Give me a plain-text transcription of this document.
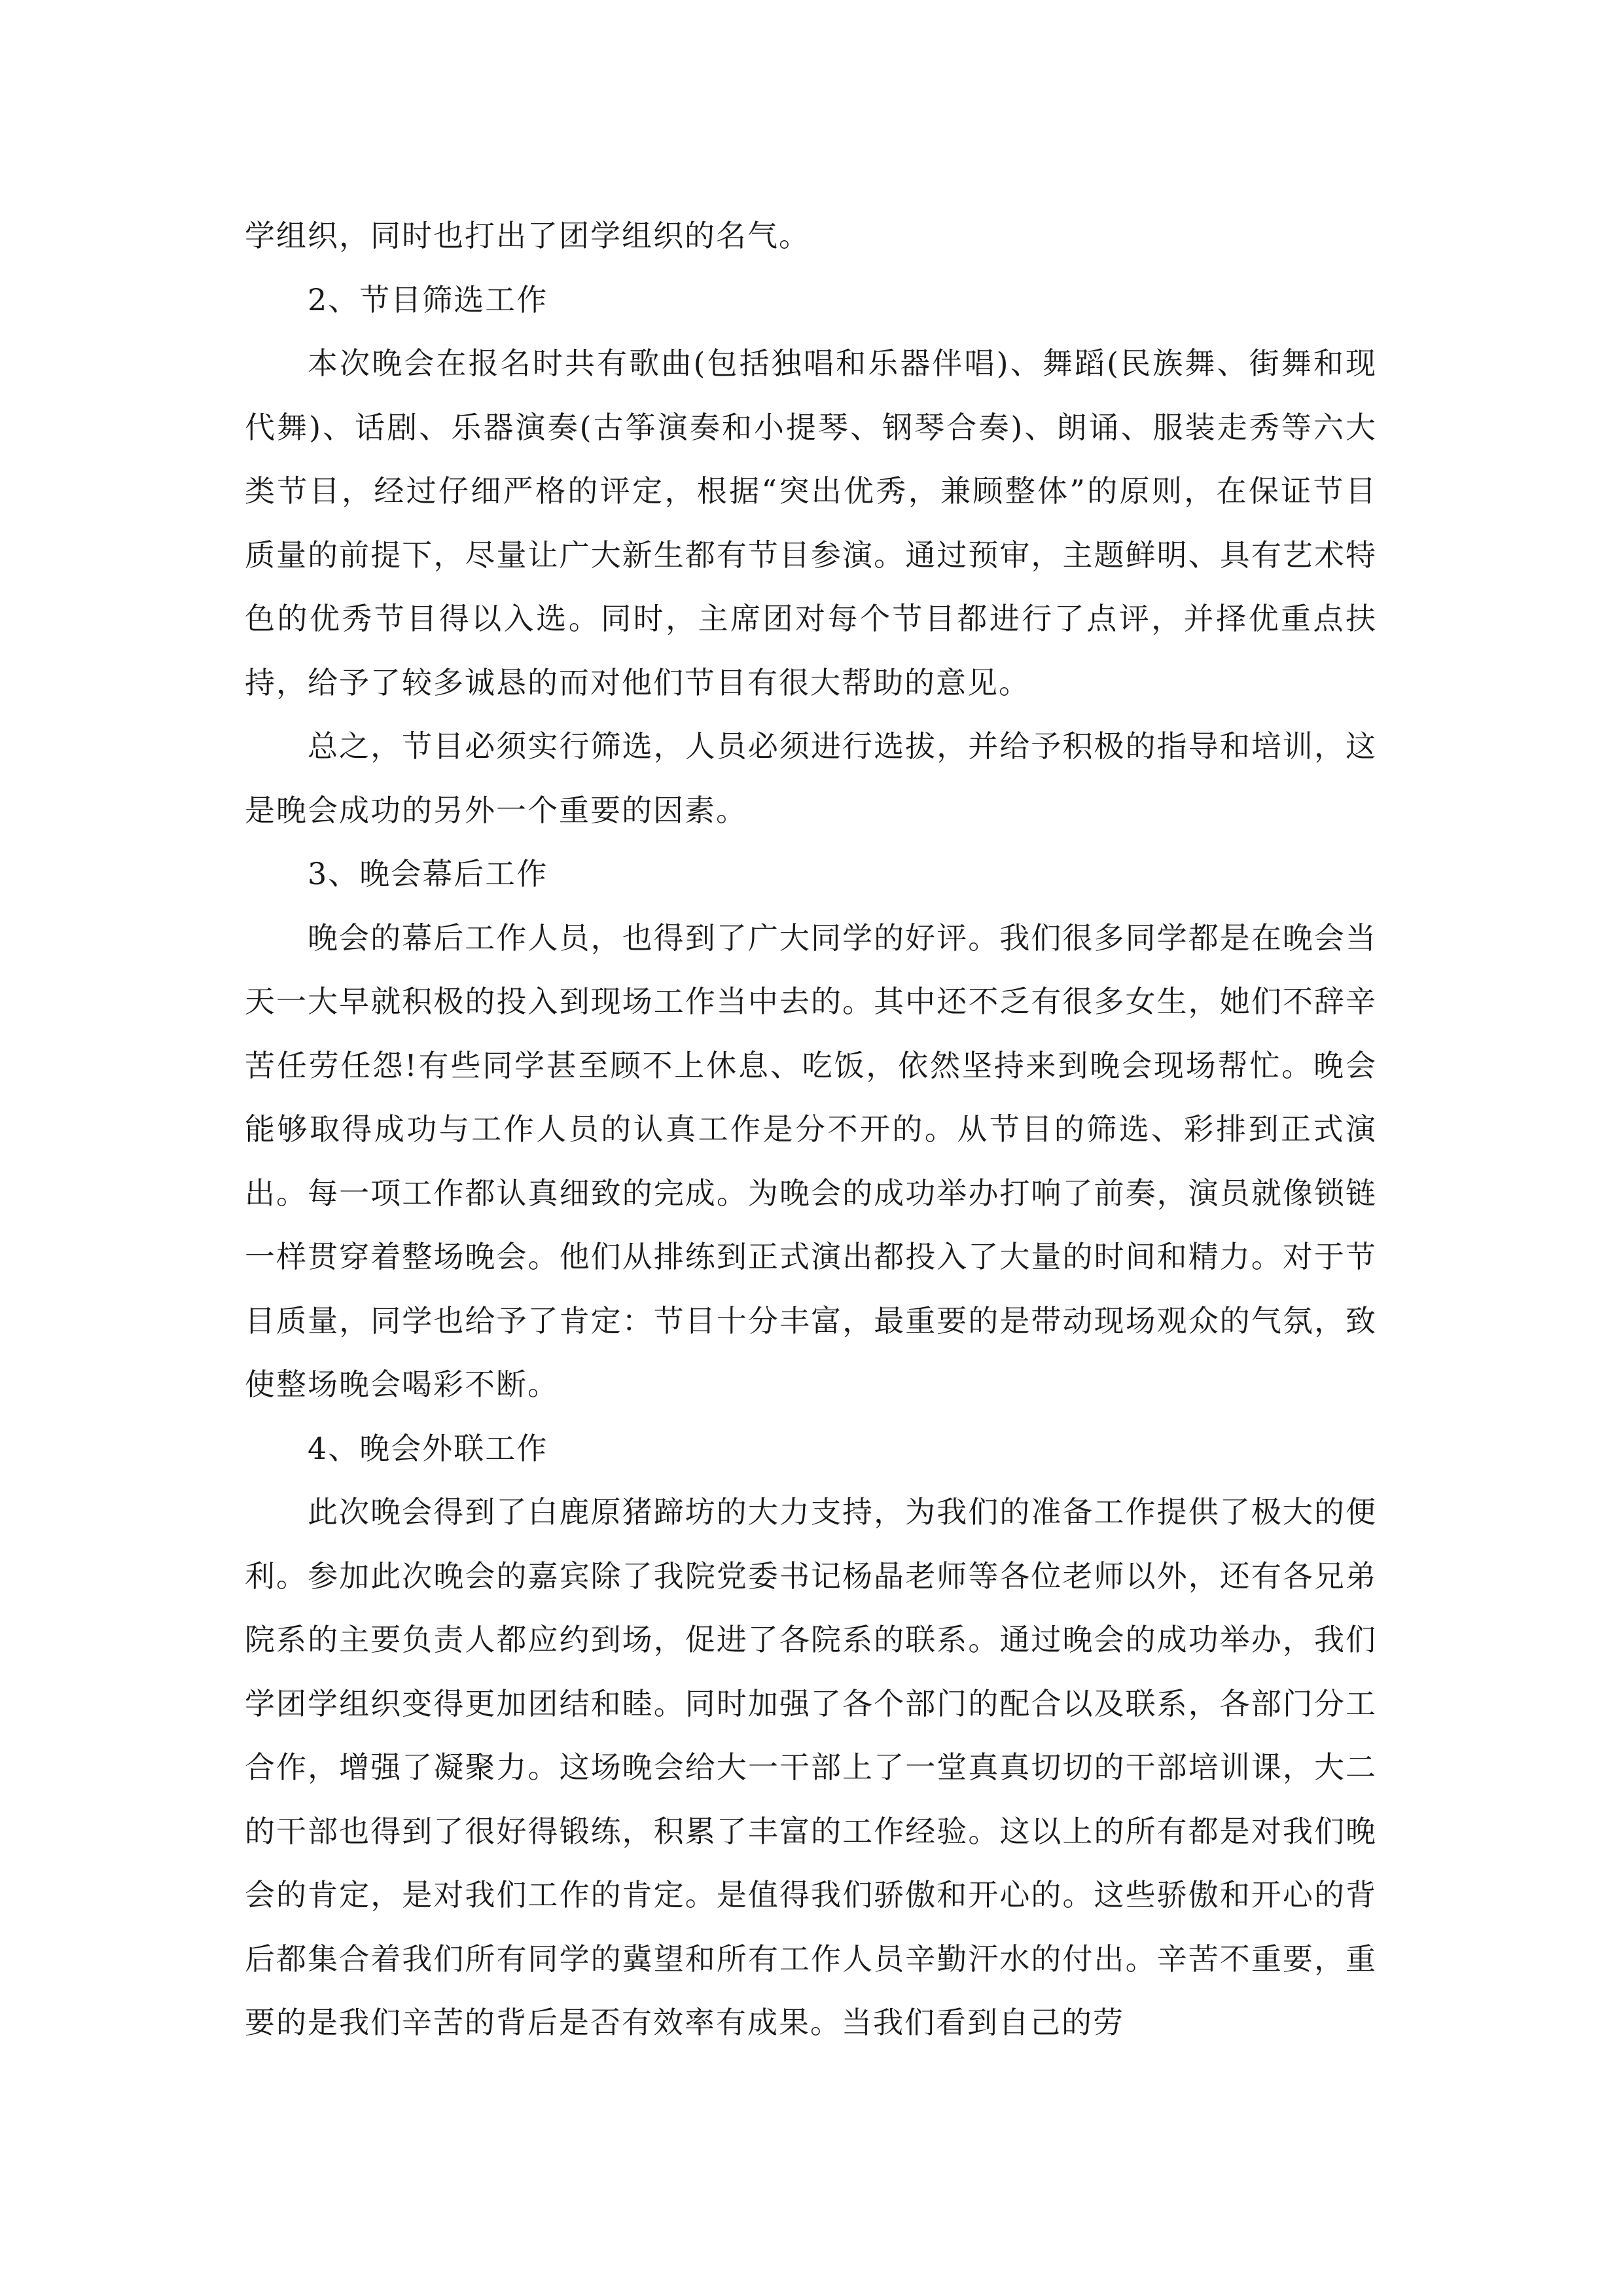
学组织，同时也打出了团学组织的名气。

2、节目筛选工作

本次晚会在报名时共有歌曲(包括独唱和乐器伴唱)、舞蹈(民族舞、街舞和现代舞)、话剧、乐器演奏(古筝演奏和小提琴、钢琴合奏)、朗诵、服装走秀等六大类节目，经过仔细严格的评定，根据“突出优秀，兼顾整体”的原则，在保证节目质量的前提下，尽量让广大新生都有节目参演。通过预审，主题鲜明、具有艺术特色的优秀节目得以入选。同时，主席团对每个节目都进行了点评，并择优重点扶持，给予了较多诚恳的而对他们节目有很大帮助的意见。

总之，节目必须实行筛选，人员必须进行选拔，并给予积极的指导和培训，这是晚会成功的另外一个重要的因素。

3、晚会幕后工作

晚会的幕后工作人员，也得到了广大同学的好评。我们很多同学都是在晚会当天一大早就积极的投入到现场工作当中去的。其中还不乏有很多女生，她们不辞辛苦任劳任怨!有些同学甚至顾不上休息、吃饭，依然坚持来到晚会现场帮忙。晚会能够取得成功与工作人员的认真工作是分不开的。从节目的筛选、彩排到正式演出。每一项工作都认真细致的完成。为晚会的成功举办打响了前奏，演员就像锁链一样贯穿着整场晚会。他们从排练到正式演出都投入了大量的时间和精力。对于节目质量，同学也给予了肯定：节目十分丰富，最重要的是带动现场观众的气氛，致使整场晚会喝彩不断。

4、晚会外联工作

此次晚会得到了白鹿原猪蹄坊的大力支持，为我们的准备工作提供了极大的便利。参加此次晚会的嘉宾除了我院党委书记杨晶老师等各位老师以外，还有各兄弟院系的主要负责人都应约到场，促进了各院系的联系。通过晚会的成功举办，我们学团学组织变得更加团结和睦。同时加强了各个部门的配合以及联系，各部门分工合作，增强了凝聚力。这场晚会给大一干部上了一堂真真切切的干部培训课，大二的干部也得到了很好得锻练，积累了丰富的工作经验。这以上的所有都是对我们晚会的肯定，是对我们工作的肯定。是值得我们骄傲和开心的。这些骄傲和开心的背后都集合着我们所有同学的冀望和所有工作人员辛勤汗水的付出。辛苦不重要，重要的是我们辛苦的背后是否有效率有成果。当我们看到自己的劳
